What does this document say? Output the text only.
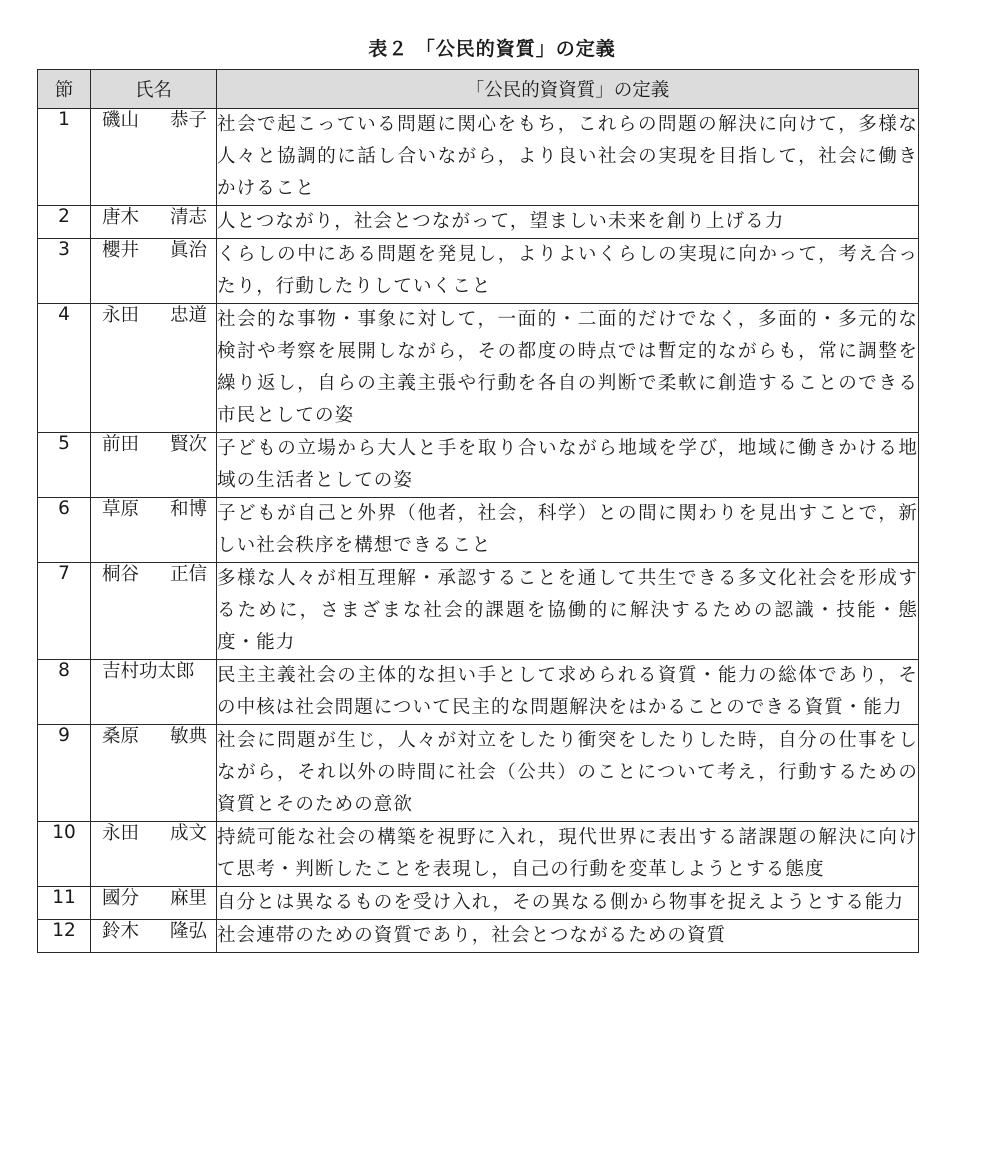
表２ 「公民的資質」の定義
節	氏名	「公民的資資質」の定義
1	磯山 恭子	社会で起こっている問題に関心をもち，これらの問題の解決に向けて，多様な人々と協調的に話し合いながら，より良い社会の実現を目指して，社会に働きかけること
2	唐木 清志	人とつながり，社会とつながって，望ましい未来を創り上げる力
3	櫻井 眞治	くらしの中にある問題を発見し，よりよいくらしの実現に向かって，考え合ったり，行動したりしていくこと
4	永田 忠道	社会的な事物・事象に対して，一面的・二面的だけでなく，多面的・多元的な検討や考察を展開しながら，その都度の時点では暫定的ながらも，常に調整を繰り返し，自らの主義主張や行動を各自の判断で柔軟に創造することのできる市民としての姿
5	前田 賢次	子どもの立場から大人と手を取り合いながら地域を学び，地域に働きかける地域の生活者としての姿
6	草原 和博	子どもが自己と外界（他者，社会，科学）との間に関わりを見出すことで，新しい社会秩序を構想できること
7	桐谷 正信	多様な人々が相互理解・承認することを通して共生できる多文化社会を形成するために，さまざまな社会的課題を協働的に解決するための認識・技能・態度・能力
8	吉村功太郎	民主主義社会の主体的な担い手として求められる資質・能力の総体であり，その中核は社会問題について民主的な問題解決をはかることのできる資質・能力
9	桑原 敏典	社会に問題が生じ，人々が対立をしたり衝突をしたりした時，自分の仕事をしながら，それ以外の時間に社会（公共）のことについて考え，行動するための資質とそのための意欲
10	永田 成文	持続可能な社会の構築を視野に入れ，現代世界に表出する諸課題の解決に向けて思考・判断したことを表現し，自己の行動を変革しようとする態度
11	國分 麻里	自分とは異なるものを受け入れ，その異なる側から物事を捉えようとする能力
12	鈴木 隆弘	社会連帯のための資質であり，社会とつながるための資質
